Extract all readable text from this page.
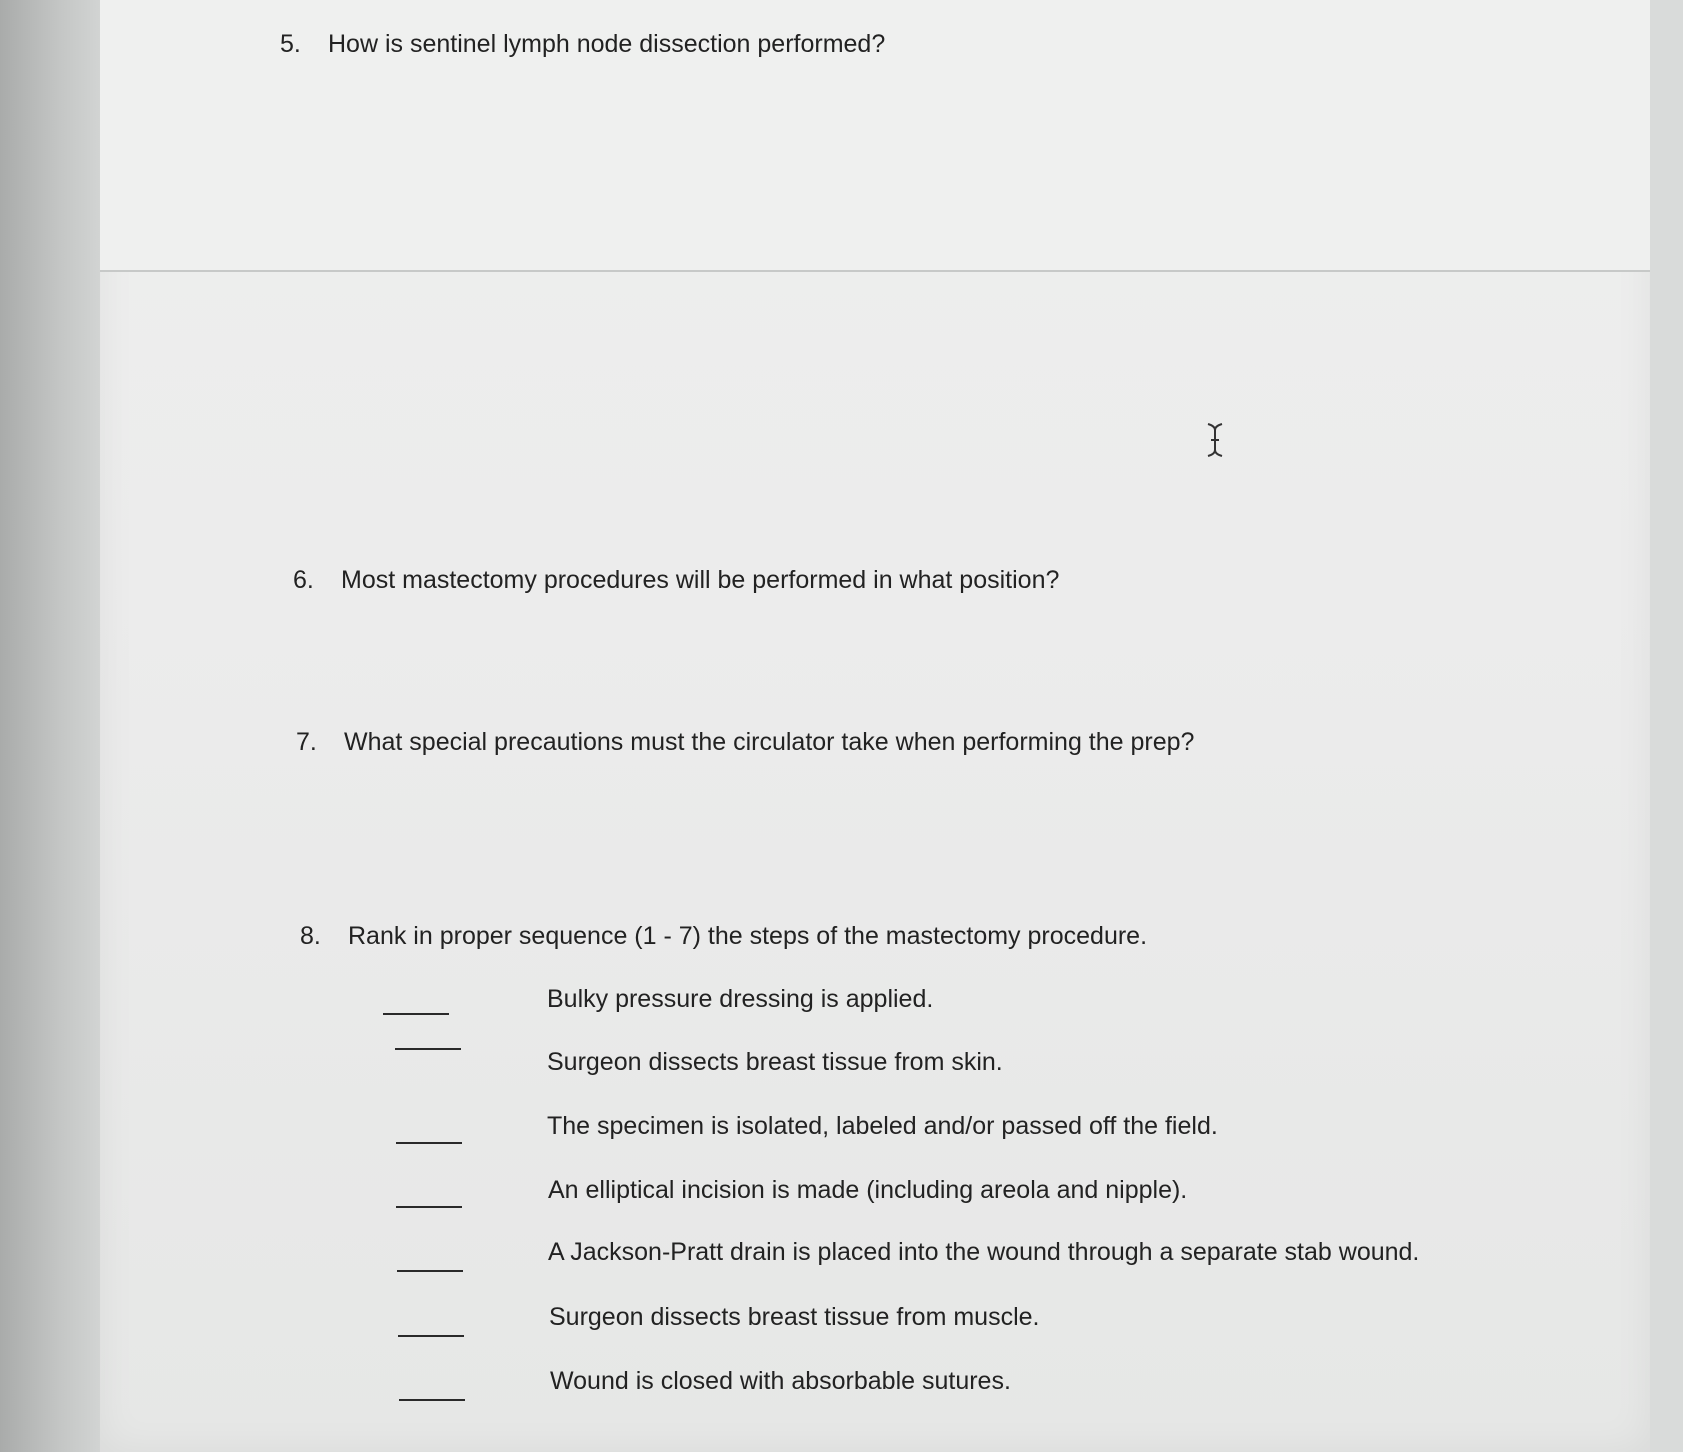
5. How is sentinel lymph node dissection performed?
6. Most mastectomy procedures will be performed in what position?
7. What special precautions must the circulator take when performing the prep?
8. Rank in proper sequence (1 - 7) the steps of the mastectomy procedure.
Bulky pressure dressing is applied.
Surgeon dissects breast tissue from skin.
The specimen is isolated, labeled and/or passed off the field.
An elliptical incision is made (including areola and nipple).
A Jackson-Pratt drain is placed into the wound through a separate stab wound.
Surgeon dissects breast tissue from muscle.
Wound is closed with absorbable sutures.
